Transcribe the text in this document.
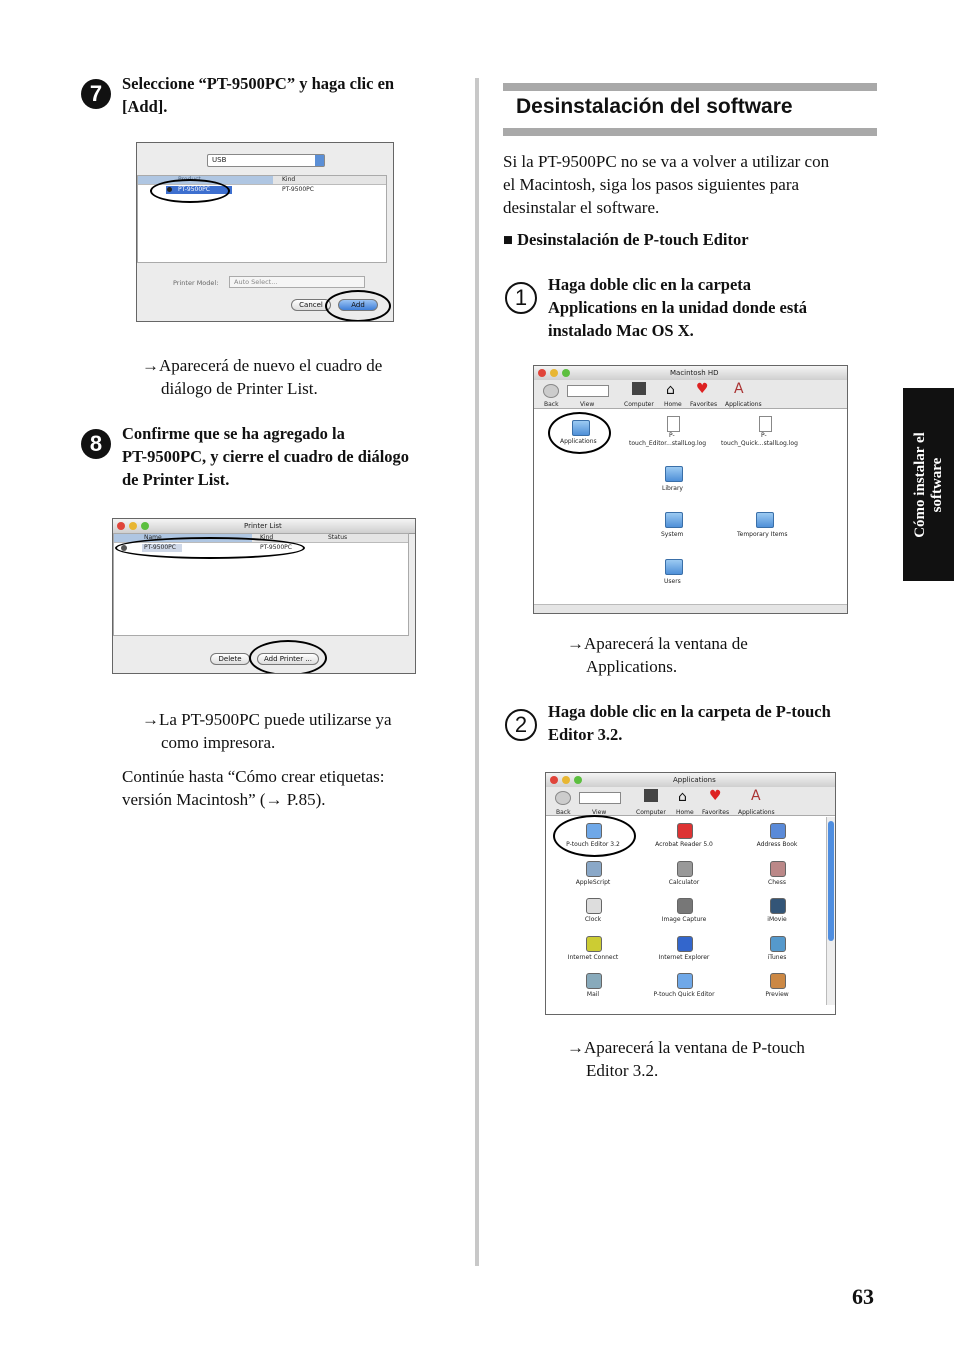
7	Seleccione “PT-9500PC” y haga clic en
[Add].
USB
Kind
PT-9500PC	PT-9500PC
Printer Model: Auto Select...
Cancel	Add
→Aparecerá de nuevo el cuadro de
diálogo de Printer List.
8	Confirme que se ha agregado la
PT-9500PC, y cierre el cuadro de diálogo
de Printer List.
Printer List
Name	Kind	Status
PT-9500PC	PT-9500PC
Delete	Add Printer ...
→La PT-9500PC puede utilizarse ya
como impresora.
Continúe hasta “Cómo crear etiquetas:
versión Macintosh” (→ P.85).
Desinstalación del software
Si la PT-9500PC no se va a volver a utilizar con
el Macintosh, siga los pasos siguientes para
desinstalar el software.
■ Desinstalación de P-touch Editor
1
Haga doble clic en la carpeta
Applications en la unidad donde está
instalado Mac OS X.
Macintosh HD
Back	View	Computer
⌂
Home
♥
Favorites
A
Applications
Applications
P-
touch_Editor...stallLog.log
P-
touch_Quick...stallLog.log
Library
System	Temporary Items
Users
→Aparecerá la ventana de
Applications.
2
Haga doble clic en la carpeta de P-touch
Editor 3.2.
Applications
Back	View	Computer
⌂
Home
♥
Favorites
A
Applications
P-touch Editor 3.2	Acrobat Reader 5.0	Address Book
AppleScript	Calculator	Chess
Clock	Image Capture	iMovie
Internet Connect	Internet Explorer	iTunes
Mail	P-touch Quick Editor	Preview
→Aparecerá la ventana de P-touch
Editor 3.2.
Cómo instalar el software
63
